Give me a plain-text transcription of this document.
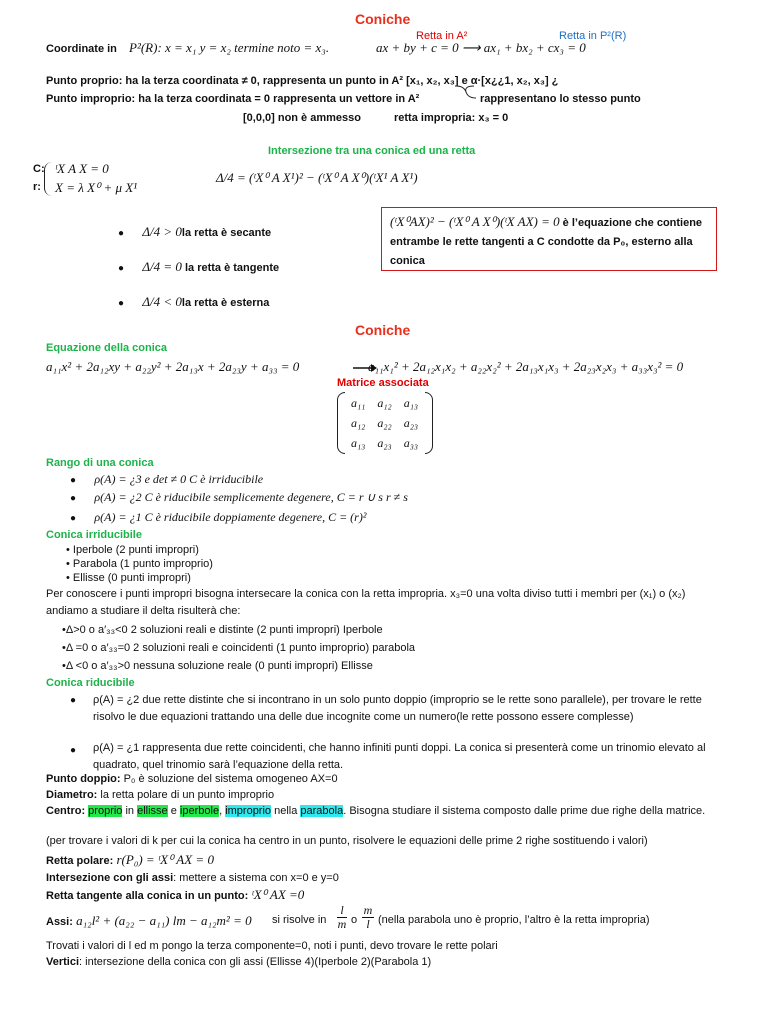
Coniche
Coordinate in P²(R): x = x₁ y = x₂ termine noto = x₃.
Retta in A²	Retta in P²(R)
ax + by + c = 0 ⟶ ax₁ + bx₂ + cx₃ = 0
Punto proprio: ha la terza coordinata ≠ 0, rappresenta un punto in A² [x₁, x₂, x₃] e α·[x¿¿1, x₂, x₃] ¿
Punto improprio: ha la terza coordinata = 0 rappresenta un vettore in A²	rappresentano lo stesso punto
[0,0,0] non è ammesso	retta impropria: x₃ = 0
Intersezione tra una conica ed una retta
C:
r:
ᵗX A X = 0
X = λ X⁰ + μ X¹
Δ/4 = (ᵗX⁰ A X¹)² − (ᵗX⁰ A X⁰)(ᵗX¹ A X¹)
● Δ/4 > 0la retta è secante
● Δ/4 = 0 la retta è tangente
● Δ/4 < 0la retta è esterna
(ᵗX⁰AX)² − (ᵗX⁰ A X⁰)(ᵗX AX) = 0 è l’equazione che contiene entrambe le rette tangenti a C condotte da P₀, esterno alla conica
Coniche
Equazione della conica
a₁₁x² + 2a₁₂xy + a₂₂y² + 2a₁₃x + 2a₂₃y + a₃₃ = 0	a₁₁x₁² + 2a₁₂x₁x₂ + a₂₂x₂² + 2a₁₃x₁x₃ + 2a₂₃x₂x₃ + a₃₃x₃² = 0
Matrice associata
a₁₁	a₁₂	a₁₃
a₁₂	a₂₂	a₂₃
a₁₃	a₂₃	a₃₃
Rango di una conica
● ρ(A) = ¿3 e det ≠ 0 C è irriducibile
● ρ(A) = ¿2 C è riducibile semplicemente degenere, C = r ∪ s r ≠ s
● ρ(A) = ¿1 C è riducibile doppiamente degenere, C = (r)²
Conica irriducibile
• Iperbole (2 punti impropri)
• Parabola (1 punto improprio)
• Ellisse (0 punti impropri)
Per conoscere i punti impropri bisogna intersecare la conica con la retta impropria. x₃=0 una volta diviso tutti i membri per (x₁) o (x₂) andiamo a studiare il delta risulterà che:
•Δ>0 o a′₃₃<0 2 soluzioni reali e distinte (2 punti impropri) Iperbole
•Δ =0 o a′₃₃=0 2 soluzioni reali e coincidenti (1 punto improprio) parabola
•Δ <0 o a′₃₃>0 nessuna soluzione reale (0 punti impropri) Ellisse
Conica riducibile
● ρ(A) = ¿2 due rette distinte che si incontrano in un solo punto doppio (improprio se le rette sono parallele), per trovare le rette risolvo le due equazioni trattando una delle due incognite come un numero(le rette possono essere complesse)
● ρ(A) = ¿1 rappresenta due rette coincidenti, che hanno infiniti punti doppi. La conica si presenterà come un trinomio elevato al quadrato, quel trinomio sarà l’equazione della retta.
Punto doppio: P₀ è soluzione del sistema omogeneo AX=0
Diametro: la retta polare di un punto improprio
Centro: proprio in ellisse e iperbole, improprio nella parabola. Bisogna studiare il sistema composto dalle prime due righe della matrice.
(per trovare i valori di k per cui la conica ha centro in un punto, risolvere le equazioni delle prime 2 righe sostituendo i valori)
Retta polare: r(P₀) = ᵗX⁰ AX = 0
Intersezione con gli assi: mettere a sistema con x=0 e y=0
Retta tangente alla conica in un punto: ᵗX⁰ AX =0
Assi: a₁₂l² + (a₂₂ − a₁₁) lm − a₁₂m² = 0 si risolve in
l
m o
m
l (nella parabola uno è proprio, l’altro è la retta impropria)
Trovati i valori di l ed m pongo la terza componente=0, noti i punti, devo trovare le rette polari
Vertici: intersezione della conica con gli assi (Ellisse 4)(Iperbole 2)(Parabola 1)
